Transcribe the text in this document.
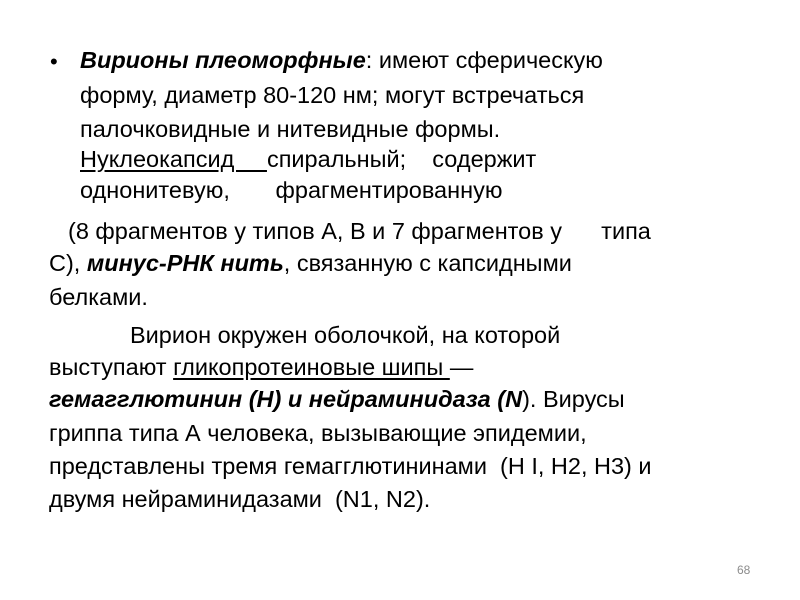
• Вирионы плеоморфные: имеют сферическую
форму, диаметр 80-120 нм; могут встречаться
палочковидные и нитевидные формы.
Нуклеокапсид     спиральный;    содержит
однонитевую,       фрагментированную
(8 фрагментов у типов А, В и 7 фрагментов у      типа
С), минус-РНК нить, связанную с капсидными
белками.
Вирион окружен оболочкой, на которой
выступают гликопротеиновые шипы —
гемагглютинин (Н) и нейраминидаза (N). Вирусы
гриппа типа А человека, вызывающие эпидемии,
представлены тремя гемагглютининами  (Н І, Н2, Н3) и
двумя нейраминидазами  (N1, N2).
68
